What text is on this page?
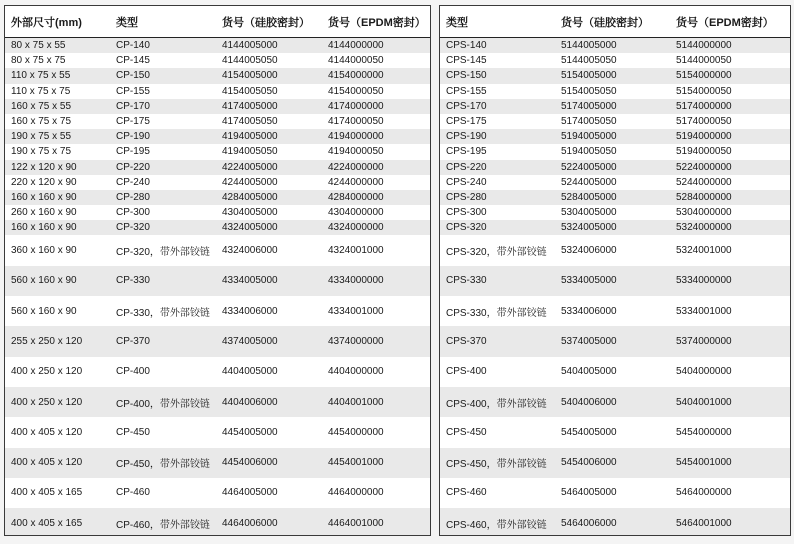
外部尺寸(mm)	类型	货号（硅胶密封）	货号（EPDM密封）
80 x 75 x 55	CP-140	4144005000	4144000000
80 x 75 x 75	CP-145	4144005050	4144000050
110 x 75 x 55	CP-150	4154005000	4154000000
110 x 75 x 75	CP-155	4154005050	4154000050
160 x 75 x 55	CP-170	4174005000	4174000000
160 x 75 x 75	CP-175	4174005050	4174000050
190 x 75 x 55	CP-190	4194005000	4194000000
190 x 75 x 75	CP-195	4194005050	4194000050
122 x 120 x 90	CP-220	4224005000	4224000000
220 x 120 x 90	CP-240	4244005000	4244000000
160 x 160 x 90	CP-280	4284005000	4284000000
260 x 160 x 90	CP-300	4304005000	4304000000
160 x 160 x 90	CP-320	4324005000	4324000000
360 x 160 x 90	CP-320，带外部铰链	4324006000	4324001000
560 x 160 x 90	CP-330	4334005000	4334000000
560 x 160 x 90	CP-330，带外部铰链	4334006000	4334001000
255 x 250 x 120	CP-370	4374005000	4374000000
400 x 250 x 120	CP-400	4404005000	4404000000
400 x 250 x 120	CP-400，带外部铰链	4404006000	4404001000
400 x 405 x 120	CP-450	4454005000	4454000000
400 x 405 x 120	CP-450，带外部铰链	4454006000	4454001000
400 x 405 x 165	CP-460	4464005000	4464000000
400 x 405 x 165	CP-460，带外部铰链	4464006000	4464001000
类型	货号（硅胶密封）	货号（EPDM密封）
CPS-140	5144005000	5144000000
CPS-145	5144005050	5144000050
CPS-150	5154005000	5154000000
CPS-155	5154005050	5154000050
CPS-170	5174005000	5174000000
CPS-175	5174005050	5174000050
CPS-190	5194005000	5194000000
CPS-195	5194005050	5194000050
CPS-220	5224005000	5224000000
CPS-240	5244005000	5244000000
CPS-280	5284005000	5284000000
CPS-300	5304005000	5304000000
CPS-320	5324005000	5324000000
CPS-320，带外部铰链	5324006000	5324001000
CPS-330	5334005000	5334000000
CPS-330，带外部铰链	5334006000	5334001000
CPS-370	5374005000	5374000000
CPS-400	5404005000	5404000000
CPS-400，带外部铰链	5404006000	5404001000
CPS-450	5454005000	5454000000
CPS-450，带外部铰链	5454006000	5454001000
CPS-460	5464005000	5464000000
CPS-460，带外部铰链	5464006000	5464001000
